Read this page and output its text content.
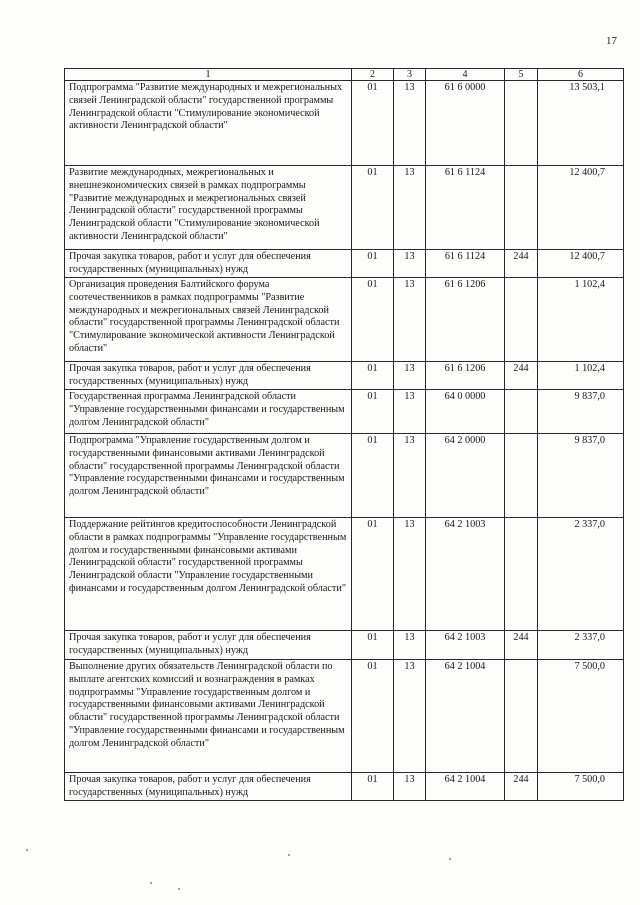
17
1	2	3	4	5	6
Подпрограмма "Развитие международных и межрегиональных связей Ленинградской области" государственной программы Ленинградской области "Стимулирование экономической активности Ленинградской области"	01	13	61 6 0000		13 503,1
Развитие международных, межрегиональных и внешнеэкономических связей в рамках подпрограммы "Развитие международных и межрегиональных связей Ленинградской области" государственной программы Ленинградской области "Стимулирование экономической активности Ленинградской области"	01	13	61 6 1124		12 400,7
Прочая закупка товаров, работ и услуг для обеспечения государственных (муниципальных) нужд	01	13	61 6 1124	244	12 400,7
Организация проведения Балтийского форума соотечественников в рамках подпрограммы "Развитие международных и межрегиональных связей Ленинградской области" государственной программы Ленинградской области "Стимулирование экономической активности Ленинградской области"	01	13	61 6 1206		1 102,4
Прочая закупка товаров, работ и услуг для обеспечения государственных (муниципальных) нужд	01	13	61 6 1206	244	1 102,4
Государственная программа Ленинградской области "Управление государственными финансами и государственным долгом Ленинградской области"	01	13	64 0 0000		9 837,0
Подпрограмма "Управление государственным долгом и государственными финансовыми активами Ленинградской области" государственной программы Ленинградской области "Управление государственными финансами и государственным долгом Ленинградской области"	01	13	64 2 0000		9 837,0
Поддержание рейтингов кредитоспособности Ленинградской области в рамках подпрограммы "Управление государственным долгом и государственными финансовыми активами Ленинградской области" государственной программы Ленинградской области "Управление государственными финансами и государственным долгом Ленинградской области"	01	13	64 2 1003		2 337,0
Прочая закупка товаров, работ и услуг для обеспечения государственных (муниципальных) нужд	01	13	64 2 1003	244	2 337,0
Выполнение других обязательств Ленинградской области по выплате агентских комиссий и вознаграждения в рамках подпрограммы "Управление государственным долгом и государственными финансовыми активами Ленинградской области" государственной программы Ленинградской области "Управление государственными финансами и государственным долгом Ленинградской области"	01	13	64 2 1004		7 500,0
Прочая закупка товаров, работ и услуг для обеспечения государственных (муниципальных) нужд	01	13	64 2 1004	244	7 500,0
